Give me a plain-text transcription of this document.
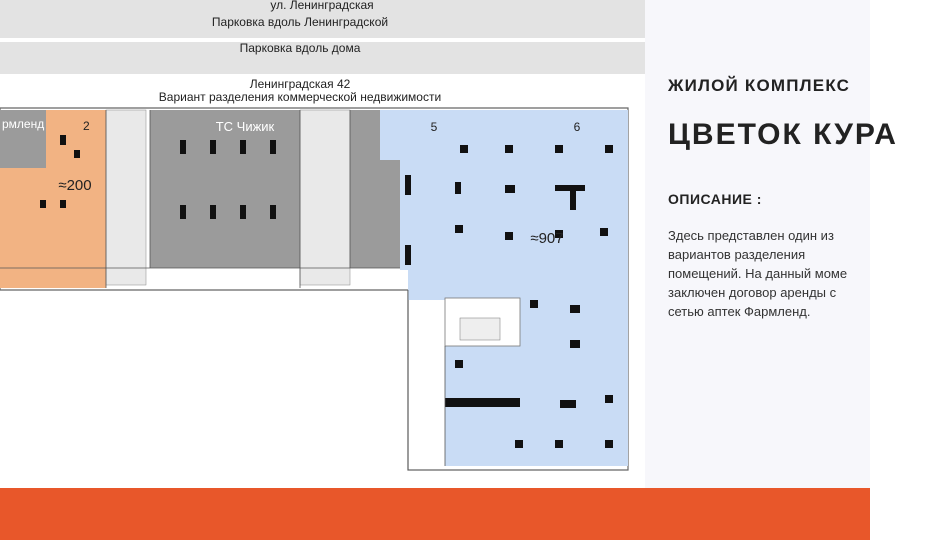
ул. Ленинградская
Парковка вдоль Ленинградской
Парковка вдоль дома
Ленинградская 42
Вариант разделения коммерческой недвижимости
рмленд	2
≈200
ТС Чижик	5	6
≈907
ЖИЛОЙ КОМПЛЕКС
ЦВЕТОК КУРА
ОПИСАНИЕ :
Здесь представлен один из
вариантов разделения
помещений. На данный моме
заключен договор аренды с
сетью аптек Фармленд.
